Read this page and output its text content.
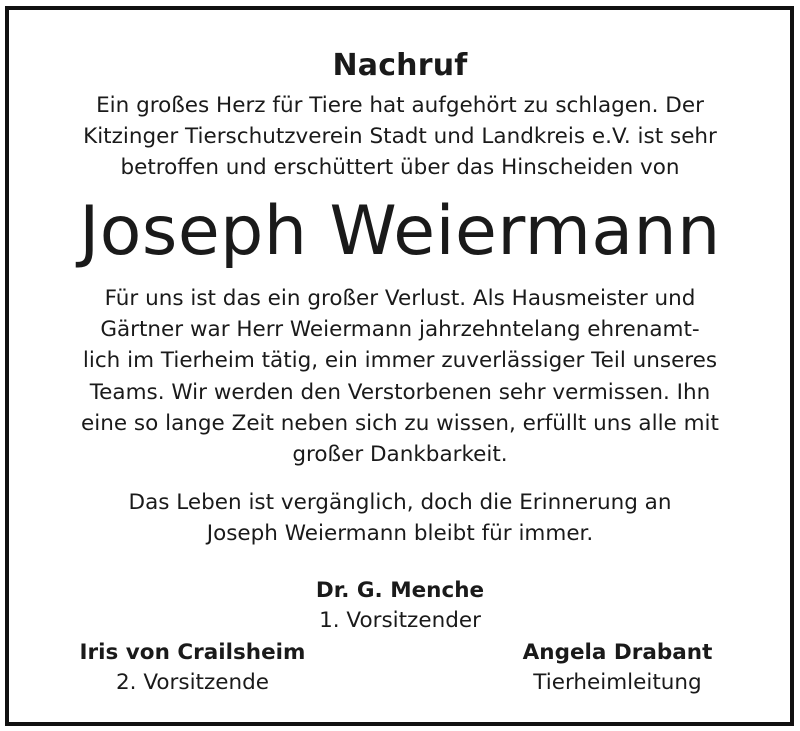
Nachruf
Ein großes Herz für Tiere hat aufgehört zu schlagen. Der
Kitzinger Tierschutzverein Stadt und Landkreis e.V. ist sehr
betroffen und erschüttert über das Hinscheiden von
Joseph Weiermann
Für uns ist das ein großer Verlust. Als Hausmeister und
Gärtner war Herr Weiermann jahrzehntelang ehrenamt-
lich im Tierheim tätig, ein immer zuverlässiger Teil unseres
Teams. Wir werden den Verstorbenen sehr vermissen. Ihn
eine so lange Zeit neben sich zu wissen, erfüllt uns alle mit
großer Dankbarkeit.
Das Leben ist vergänglich, doch die Erinnerung an
Joseph Weiermann bleibt für immer.
Dr. G. Menche
1. Vorsitzender
Iris von Crailsheim
2. Vorsitzende
Angela Drabant
Tierheimleitung
